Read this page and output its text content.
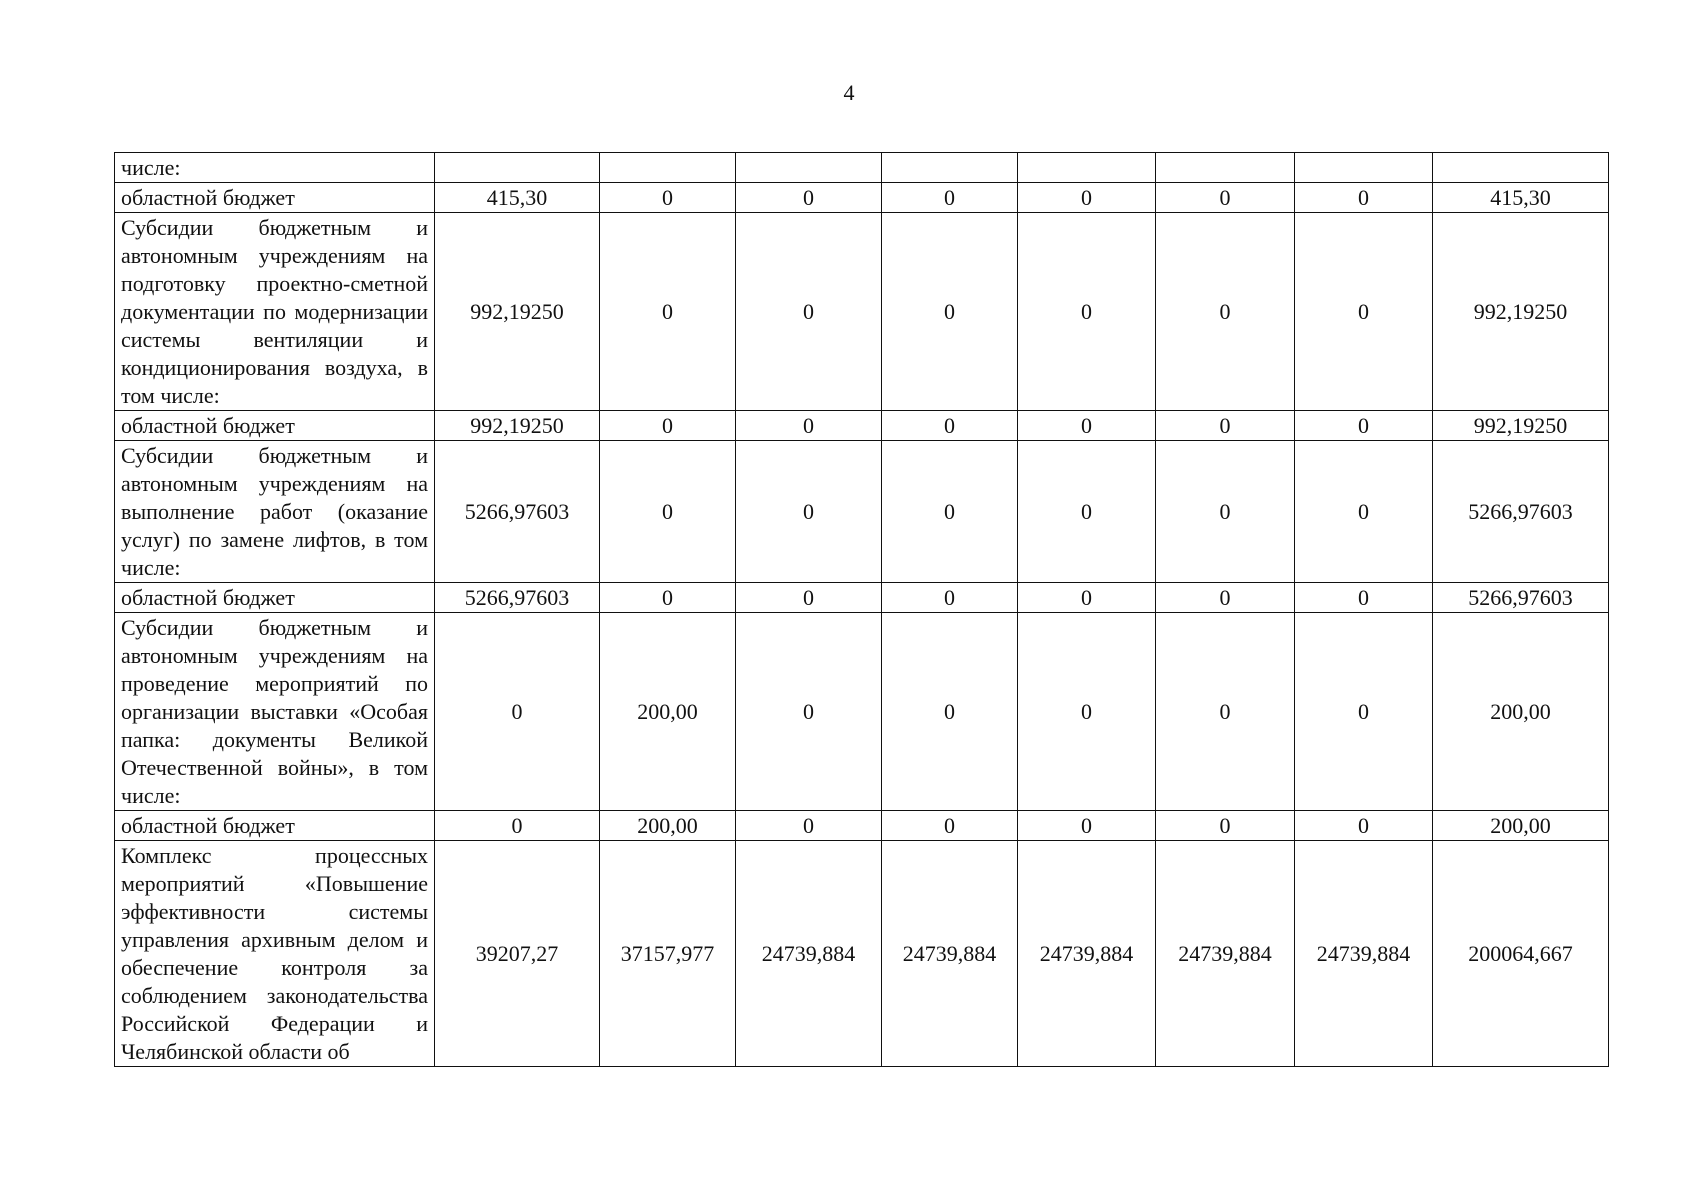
4
числе:								
областной бюджет	415,30	0	0	0	0	0	0	415,30
Субсидии бюджетным и автономным учреждениям на подготовку проектно-сметной документации по модернизации системы вентиляции и кондиционирования воздуха, в том числе:	992,19250	0	0	0	0	0	0	992,19250
областной бюджет	992,19250	0	0	0	0	0	0	992,19250
Субсидии бюджетным и автономным учреждениям на выполнение работ (оказание услуг) по замене лифтов, в том числе:	5266,97603	0	0	0	0	0	0	5266,97603
областной бюджет	5266,97603	0	0	0	0	0	0	5266,97603
Субсидии бюджетным и автономным учреждениям на проведение мероприятий по организации выставки «Особая папка: документы Великой Отечественной войны», в том числе:	0	200,00	0	0	0	0	0	200,00
областной бюджет	0	200,00	0	0	0	0	0	200,00
Комплекс процессных мероприятий «Повышение эффективности системы управления архивным делом и обеспечение контроля за соблюдением законодательства Российской Федерации и Челябинской области об	39207,27	37157,977	24739,884	24739,884	24739,884	24739,884	24739,884	200064,667
